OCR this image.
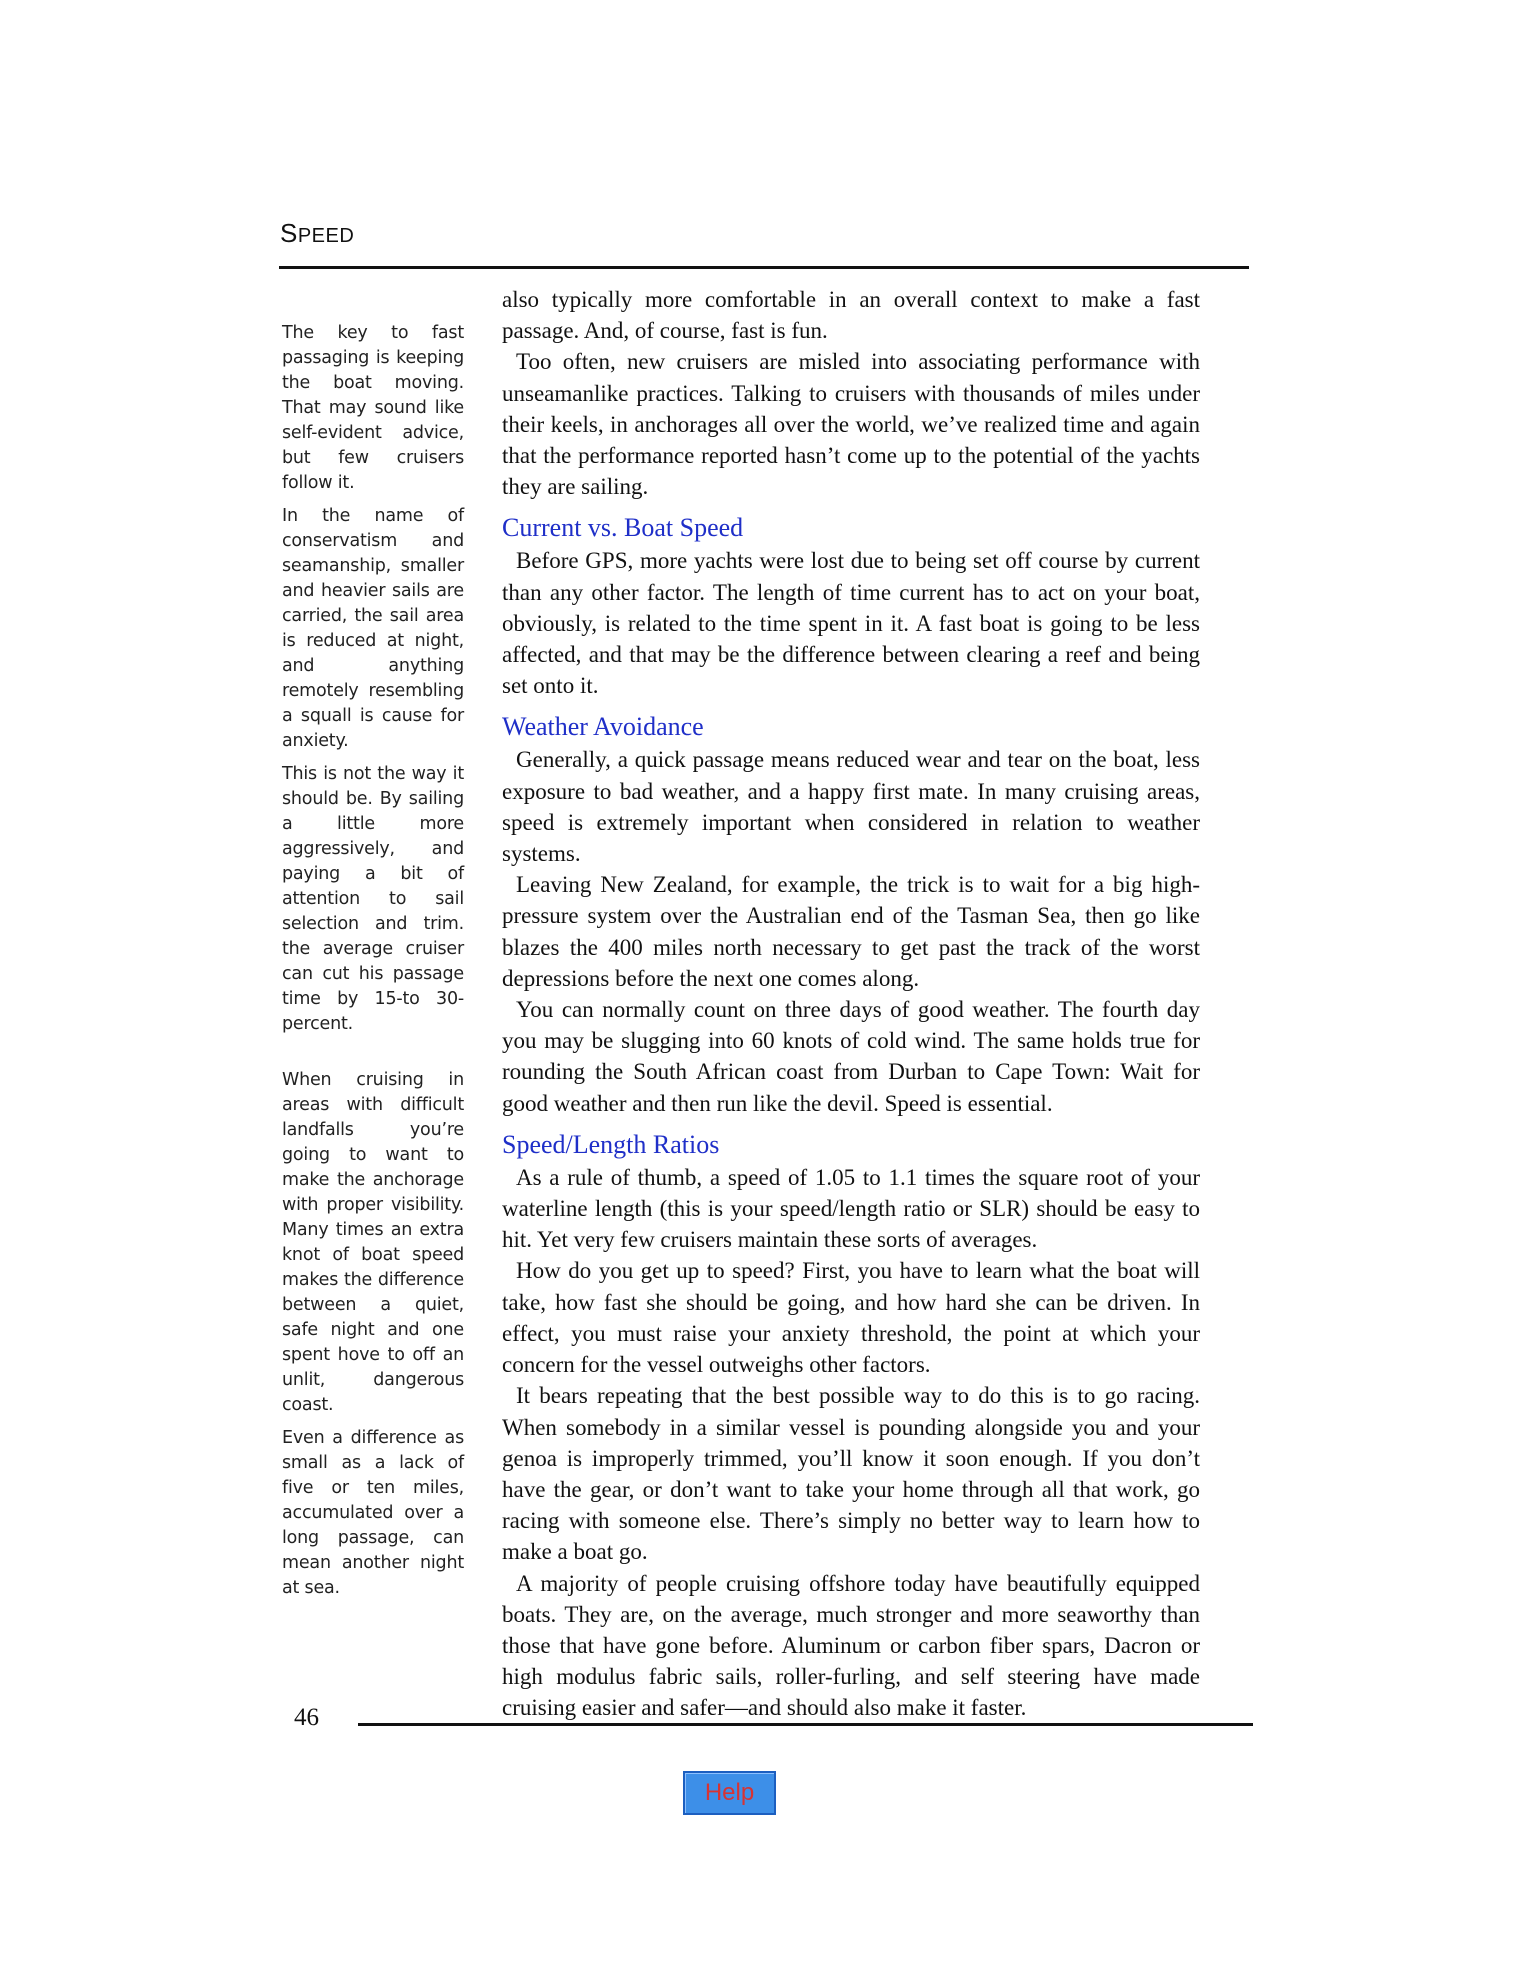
SPEED

The key to fast passaging is keeping the boat moving. That may sound like self-evident advice, but few cruisers follow it.

In the name of conservatism and seamanship, smaller and heavier sails are carried, the sail area is reduced at night, and anything remotely resembling a squall is cause for anxiety.

This is not the way it should be. By sailing a little more aggressively, and paying a bit of attention to sail selection and trim. the average cruiser can cut his passage time by 15-to 30-percent.

When cruising in areas with difficult landfalls you’re going to want to make the anchorage with proper visibility. Many times an extra knot of boat speed makes the difference between a quiet, safe night and one spent hove to off an unlit, dangerous coast.

Even a difference as small as a lack of five or ten miles, accumulated over a long passage, can mean another night at sea.

also typically more comfortable in an overall context to make a fast passage. And, of course, fast is fun.

Too often, new cruisers are misled into associating performance with unseamanlike practices. Talking to cruisers with thousands of miles under their keels, in anchorages all over the world, we’ve realized time and again that the performance reported hasn’t come up to the potential of the yachts they are sailing.

Current vs. Boat Speed

Before GPS, more yachts were lost due to being set off course by current than any other factor. The length of time current has to act on your boat, obviously, is related to the time spent in it. A fast boat is going to be less affected, and that may be the difference between clearing a reef and being set onto it.

Weather Avoidance

Generally, a quick passage means reduced wear and tear on the boat, less exposure to bad weather, and a happy first mate. In many cruising areas, speed is extremely important when considered in relation to weather systems.

Leaving New Zealand, for example, the trick is to wait for a big high-pressure system over the Australian end of the Tasman Sea, then go like blazes the 400 miles north necessary to get past the track of the worst depressions before the next one comes along.

You can normally count on three days of good weather. The fourth day you may be slugging into 60 knots of cold wind. The same holds true for rounding the South African coast from Durban to Cape Town: Wait for good weather and then run like the devil. Speed is essential.

Speed/Length Ratios

As a rule of thumb, a speed of 1.05 to 1.1 times the square root of your waterline length (this is your speed/length ratio or SLR) should be easy to hit. Yet very few cruisers maintain these sorts of averages.

How do you get up to speed? First, you have to learn what the boat will take, how fast she should be going, and how hard she can be driven. In effect, you must raise your anxiety threshold, the point at which your concern for the vessel outweighs other factors.

It bears repeating that the best possible way to do this is to go racing. When somebody in a similar vessel is pounding alongside you and your genoa is improperly trimmed, you’ll know it soon enough. If you don’t have the gear, or don’t want to take your home through all that work, go racing with someone else. There’s simply no better way to learn how to make a boat go.

A majority of people cruising offshore today have beautifully equipped boats. They are, on the average, much stronger and more seaworthy than those that have gone before. Aluminum or carbon fiber spars, Dacron or high modulus fabric sails, roller-furling, and self steering have made cruising easier and safer—and should also make it faster.

46
Help
